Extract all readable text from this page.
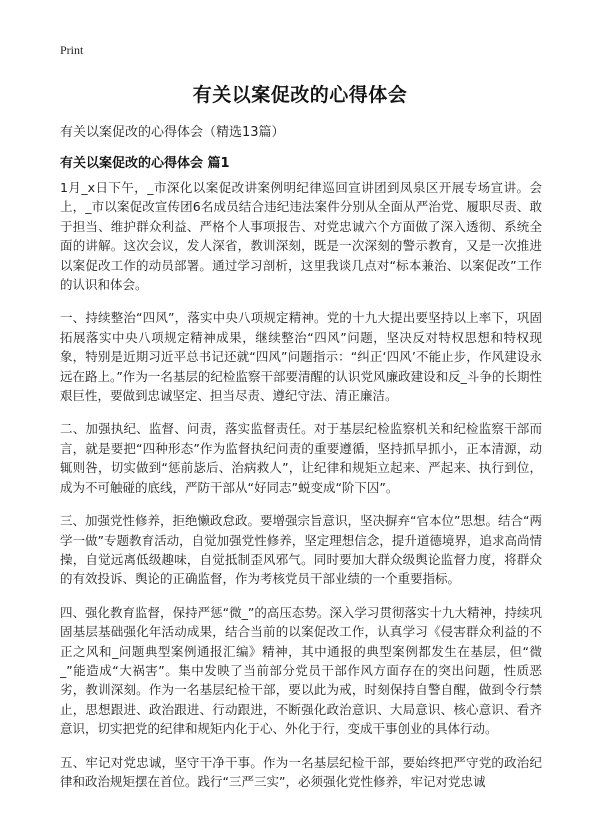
Print
有关以案促改的心得体会
有关以案促改的心得体会（精选13篇）
有关以案促改的心得体会 篇1

1月_x日下午，_市深化以案促改讲案例明纪律巡回宣讲团到凤泉区开展专场宣讲。会上，_市以案促改宣传团6名成员结合违纪违法案件分别从全面从严治党、履职尽责、敢于担当、维护群众利益、严格个人事项报告、对党忠诚六个方面做了深入透彻、系统全面的讲解。这次会议，发人深省，教训深刻，既是一次深刻的警示教育，又是一次推进以案促改工作的动员部署。通过学习剖析，这里我谈几点对“标本兼治、以案促改”工作的认识和体会。

一、持续整治“四风”，落实中央八项规定精神。党的十九大提出要坚持以上率下，巩固拓展落实中央八项规定精神成果，继续整治“四风”问题，坚决反对特权思想和特权现象，特别是近期习近平总书记还就“四风”问题指示：“纠正‘四风’不能止步，作风建设永远在路上。”作为一名基层的纪检监察干部要清醒的认识党风廉政建设和反_斗争的长期性艰巨性，要做到忠诚坚定、担当尽责、遵纪守法、清正廉洁。

二、加强执纪、监督、问责，落实监督责任。对于基层纪检监察机关和纪检监察干部而言，就是要把“四种形态”作为监督执纪问责的重要遵循，坚持抓早抓小，正本清源，动辄则咎，切实做到“惩前毖后、治病救人”，让纪律和规矩立起来、严起来、执行到位，成为不可触碰的底线，严防干部从“好同志”蜕变成“阶下囚”。

三、加强党性修养，拒绝懒政怠政。要增强宗旨意识，坚决摒弃“官本位”思想。结合“两学一做”专题教育活动，自觉加强党性修养，坚定理想信念，提升道德境界，追求高尚情操，自觉远离低级趣味，自觉抵制歪风邪气。同时要加大群众级舆论监督力度，将群众的有效投诉、舆论的正确监督，作为考核党员干部业绩的一个重要指标。

四、强化教育监督，保持严惩“微_”的高压态势。深入学习贯彻落实十九大精神，持续巩固基层基础强化年活动成果，结合当前的以案促改工作，认真学习《侵害群众利益的不正之风和_问题典型案例通报汇编》精神，其中通报的典型案例都发生在基层，但“微_”能造成“大祸害”。集中发映了当前部分党员干部作风方面存在的突出问题，性质恶劣，教训深刻。作为一名基层纪检干部，要以此为戒，时刻保持自警自醒，做到令行禁止，思想跟进、政治跟进、行动跟进，不断强化政治意识、大局意识、核心意识、看齐意识，切实把党的纪律和规矩内化于心、外化于行，变成干事创业的具体行动。

五、牢记对党忠诚，坚守干净干事。作为一名基层纪检干部，要始终把严守党的政治纪律和政治规矩摆在首位。践行“三严三实”，必须强化党性修养，牢记对党忠诚
